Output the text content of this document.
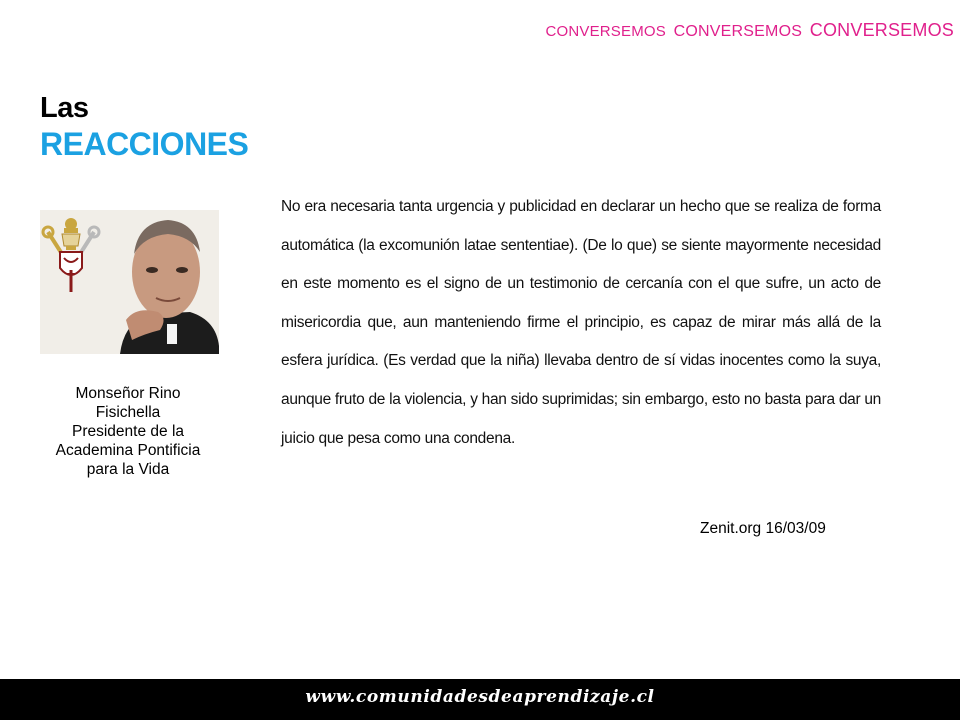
CONVERSEMOS CONVERSEMOS CONVERSEMOS
Las
REACCIONES
Monseñor Rino
Fisichella
Presidente de la
Academina Pontificia
para la Vida
No era necesaria tanta urgencia y publicidad en declarar un hecho que se realiza de forma automática (la excomunión latae sententiae). (De lo que) se siente mayormente necesidad en este momento es el signo de un testimonio de cercanía con el que sufre, un acto de misericordia que, aun manteniendo firme el principio, es capaz de mirar más allá de la esfera jurídica. (Es verdad que la niña) llevaba dentro de sí vidas inocentes como la suya, aunque fruto de la violencia, y han sido suprimidas; sin embargo, esto no basta para dar un juicio que pesa como una condena.
Zenit.org 16/03/09
www.comunidadesdeaprendizaje.cl
